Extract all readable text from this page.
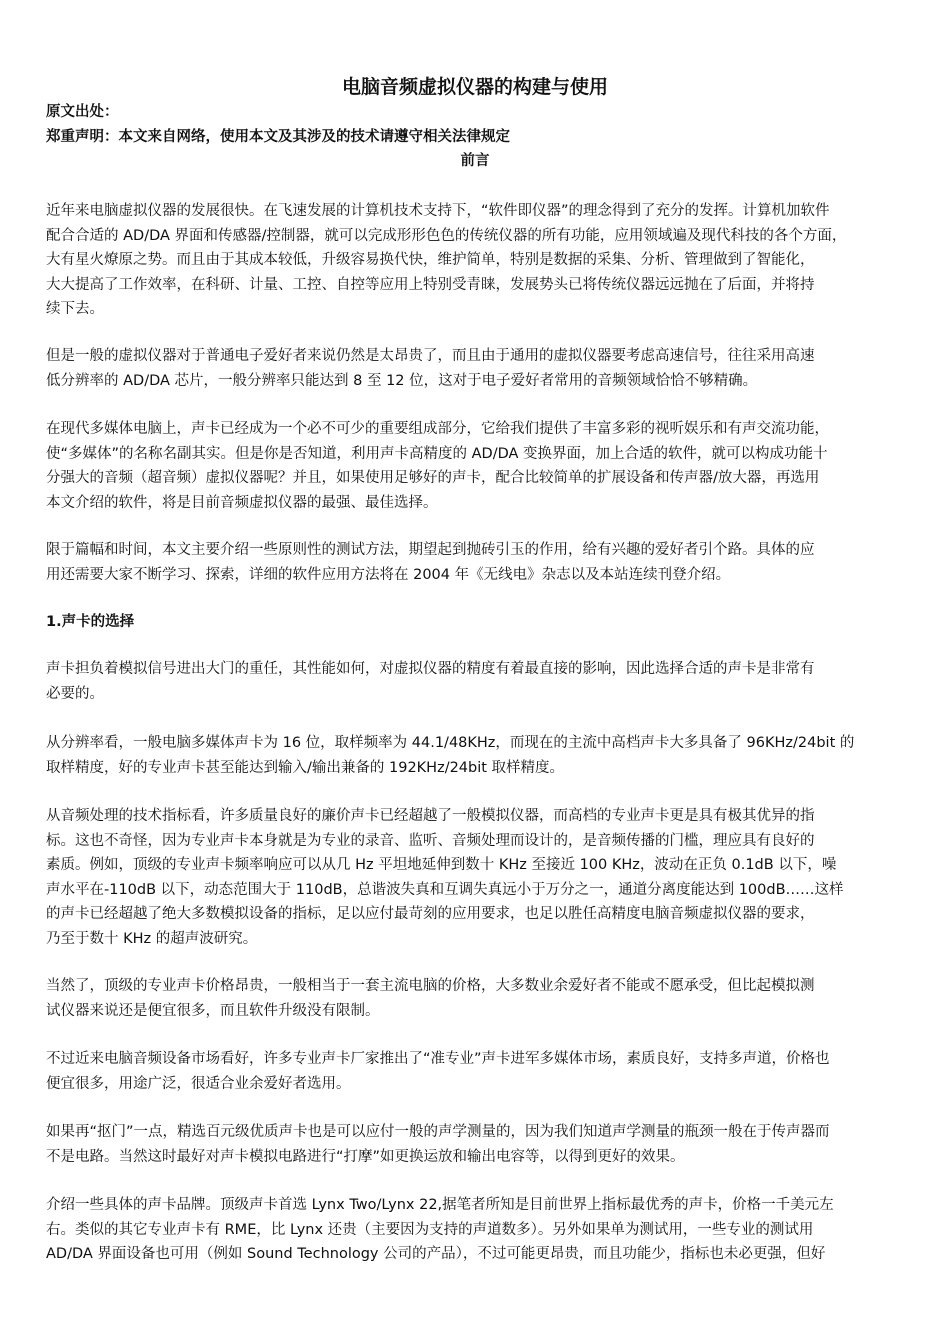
电脑音频虚拟仪器的构建与使用

原文出处：

郑重声明：本文来自网络，使用本文及其涉及的技术请遵守相关法律规定

前言

近年来电脑虚拟仪器的发展很快。在飞速发展的计算机技术支持下，“软件即仪器”的理念得到了充分的发挥。计算机加软件
配合合适的 AD/DA 界面和传感器/控制器，就可以完成形形色色的传统仪器的所有功能，应用领域遍及现代科技的各个方面，
大有星火燎原之势。而且由于其成本较低，升级容易换代快，维护简单，特别是数据的采集、分析、管理做到了智能化，
大大提高了工作效率，在科研、计量、工控、自控等应用上特别受青睐，发展势头已将传统仪器远远抛在了后面，并将持
续下去。

但是一般的虚拟仪器对于普通电子爱好者来说仍然是太昂贵了，而且由于通用的虚拟仪器要考虑高速信号，往往采用高速
低分辨率的 AD/DA 芯片，一般分辨率只能达到 8 至 12 位，这对于电子爱好者常用的音频领域恰恰不够精确。

在现代多媒体电脑上，声卡已经成为一个必不可少的重要组成部分，它给我们提供了丰富多彩的视听娱乐和有声交流功能，
使“多媒体”的名称名副其实。但是你是否知道，利用声卡高精度的 AD/DA 变换界面，加上合适的软件，就可以构成功能十
分强大的音频（超音频）虚拟仪器呢？并且，如果使用足够好的声卡，配合比较简单的扩展设备和传声器/放大器，再选用
本文介绍的软件，将是目前音频虚拟仪器的最强、最佳选择。

限于篇幅和时间，本文主要介绍一些原则性的测试方法，期望起到抛砖引玉的作用，给有兴趣的爱好者引个路。具体的应
用还需要大家不断学习、探索，详细的软件应用方法将在 2004 年《无线电》杂志以及本站连续刊登介绍。

1.声卡的选择

声卡担负着模拟信号进出大门的重任，其性能如何，对虚拟仪器的精度有着最直接的影响，因此选择合适的声卡是非常有
必要的。

从分辨率看，一般电脑多媒体声卡为 16 位，取样频率为 44.1/48KHz，而现在的主流中高档声卡大多具备了 96KHz/24bit 的
取样精度，好的专业声卡甚至能达到输入/输出兼备的 192KHz/24bit 取样精度。

从音频处理的技术指标看，许多质量良好的廉价声卡已经超越了一般模拟仪器，而高档的专业声卡更是具有极其优异的指
标。这也不奇怪，因为专业声卡本身就是为专业的录音、监听、音频处理而设计的，是音频传播的门槛，理应具有良好的
素质。例如，顶级的专业声卡频率响应可以从几 Hz 平坦地延伸到数十 KHz 至接近 100 KHz，波动在正负 0.1dB 以下，噪
声水平在-110dB 以下，动态范围大于 110dB，总谐波失真和互调失真远小于万分之一，通道分离度能达到 100dB……这样
的声卡已经超越了绝大多数模拟设备的指标，足以应付最苛刻的应用要求，也足以胜任高精度电脑音频虚拟仪器的要求，
乃至于数十 KHz 的超声波研究。

当然了，顶级的专业声卡价格昂贵，一般相当于一套主流电脑的价格，大多数业余爱好者不能或不愿承受，但比起模拟测
试仪器来说还是便宜很多，而且软件升级没有限制。

不过近来电脑音频设备市场看好，许多专业声卡厂家推出了“准专业”声卡进军多媒体市场，素质良好，支持多声道，价格也
便宜很多，用途广泛，很适合业余爱好者选用。

如果再“抠门”一点，精选百元级优质声卡也是可以应付一般的声学测量的，因为我们知道声学测量的瓶颈一般在于传声器而
不是电路。当然这时最好对声卡模拟电路进行“打摩”如更换运放和输出电容等，以得到更好的效果。

介绍一些具体的声卡品牌。顶级声卡首选 Lynx Two/Lynx 22,据笔者所知是目前世界上指标最优秀的声卡，价格一千美元左
右。类似的其它专业声卡有 RME，比 Lynx 还贵（主要因为支持的声道数多）。另外如果单为测试用，一些专业的测试用
AD/DA 界面设备也可用（例如 Sound Technology 公司的产品），不过可能更昂贵，而且功能少，指标也未必更强，但好
